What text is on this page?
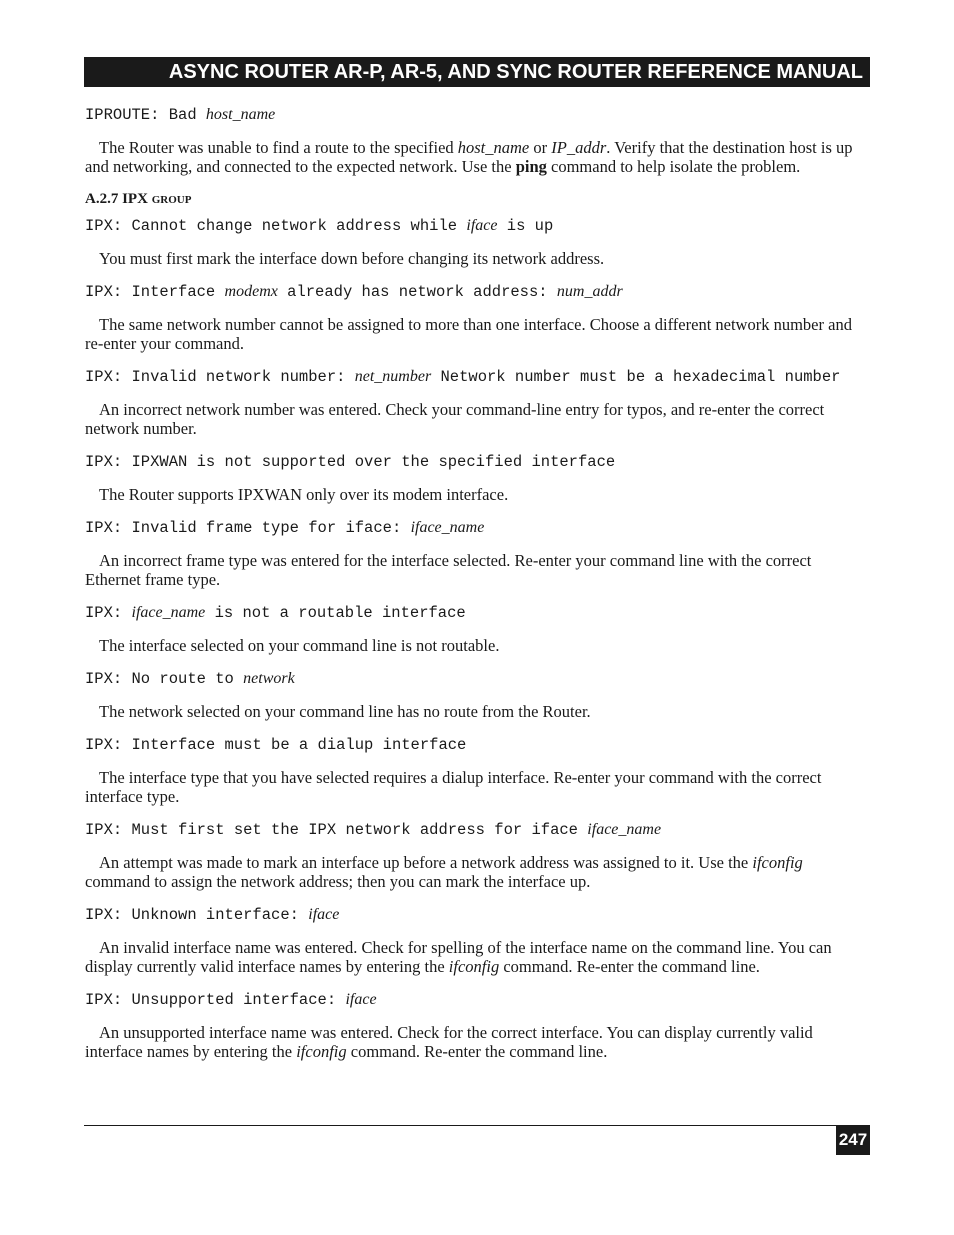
ASYNC ROUTER AR-P, AR-5, AND SYNC ROUTER REFERENCE MANUAL
IPROUTE: Bad host_name

The Router was unable to find a route to the specified host_name or IP_addr. Verify that the destination host is up and networking, and connected to the expected network. Use the ping command to help isolate the problem.

A.2.7 IPX group
IPX: Cannot change network address while iface is up

You must first mark the interface down before changing its network address.

IPX: Interface modemx already has network address: num_addr

The same network number cannot be assigned to more than one interface. Choose a different network number and re-enter your command.

IPX: Invalid network number: net_number Network number must be a hexadecimal number

An incorrect network number was entered. Check your command-line entry for typos, and re-enter the correct network number.

IPX: IPXWAN is not supported over the specified interface

The Router supports IPXWAN only over its modem interface.

IPX: Invalid frame type for iface: iface_name

An incorrect frame type was entered for the interface selected. Re-enter your command line with the correct Ethernet frame type.

IPX: iface_name is not a routable interface

The interface selected on your command line is not routable.

IPX: No route to network

The network selected on your command line has no route from the Router.

IPX: Interface must be a dialup interface

The interface type that you have selected requires a dialup interface. Re-enter your command with the correct interface type.

IPX: Must first set the IPX network address for iface iface_name

An attempt was made to mark an interface up before a network address was assigned to it. Use the ifconfig command to assign the network address; then you can mark the interface up.

IPX: Unknown interface: iface

An invalid interface name was entered. Check for spelling of the interface name on the command line. You can display currently valid interface names by entering the ifconfig command. Re-enter the command line.

IPX: Unsupported interface: iface

An unsupported interface name was entered. Check for the correct interface. You can display currently valid interface names by entering the ifconfig command. Re-enter the command line.

247
